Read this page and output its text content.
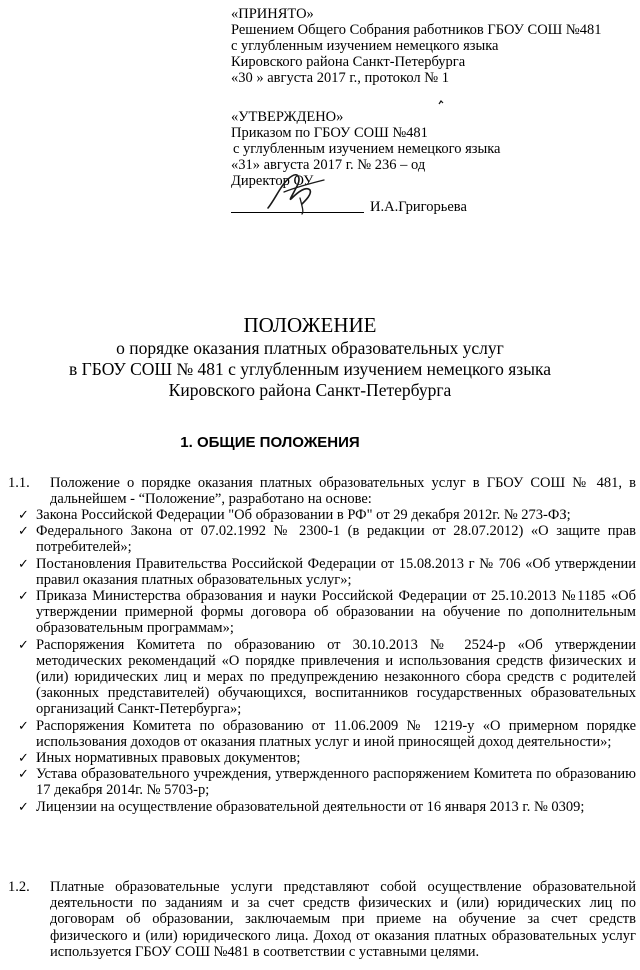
«ПРИНЯТО»

Решением Общего Собрания работников ГБОУ СОШ №481

с углубленным изучением немецкого языка

Кировского района Санкт-Петербурга

«30 » августа 2017 г., протокол № 1

«УТВЕРЖДЕНО»

Приказом по ГБОУ СОШ №481

с углубленным изучением немецкого языка

«31» августа 2017 г. № 236 – од

Директор ОУ

И.А.Григорьева

ПОЛОЖЕНИЕ

о порядке оказания платных образовательных услуг

в ГБОУ СОШ № 481 с углубленным изучением немецкого языка

Кировского района Санкт-Петербурга

1. ОБЩИЕ ПОЛОЖЕНИЯ
1.1. Положение о порядке оказания платных образовательных услуг в ГБОУ СОШ № 481, в дальнейшем - “Положение”, разработано на основе:
✓ Закона Российской Федерации "Об образовании в РФ" от 29 декабря 2012г. № 273-ФЗ;
✓ Федерального Закона от 07.02.1992 № 2300-1 (в редакции от 28.07.2012) «О защите прав потребителей»;
✓ Постановления Правительства Российской Федерации от 15.08.2013 г № 706 «Об утверждении правил оказания платных образовательных услуг»;
✓ Приказа Министерства образования и науки Российской Федерации от 25.10.2013 №1185 «Об утверждении примерной формы договора об образовании на обучение по дополнительным образовательным программам»;
✓ Распоряжения Комитета по образованию от 30.10.2013 № 2524-р «Об утверждении методических рекомендаций «О порядке привлечения и использования средств физических и (или) юридических лиц и мерах по предупреждению незаконного сбора средств с родителей (законных представителей) обучающихся, воспитанников государственных образовательных организаций Санкт-Петербурга»;
✓ Распоряжения Комитета по образованию от 11.06.2009 № 1219-у «О примерном порядке использования доходов от оказания платных услуг и иной приносящей доход деятельности»;
✓ Иных нормативных правовых документов;
✓ Устава образовательного учреждения, утвержденного распоряжением Комитета по образованию 17 декабря 2014г. № 5703-р;
✓ Лицензии на осуществление образовательной деятельности от 16 января 2013 г. № 0309;
1.2. Платные образовательные услуги представляют собой осуществление образовательной деятельности по заданиям и за счет средств физических и (или) юридических лиц по договорам об образовании, заключаемым при приеме на обучение за счет средств физического и (или) юридического лица. Доход от оказания платных образовательных услуг используется ГБОУ СОШ №481 в соответствии с уставными целями.
